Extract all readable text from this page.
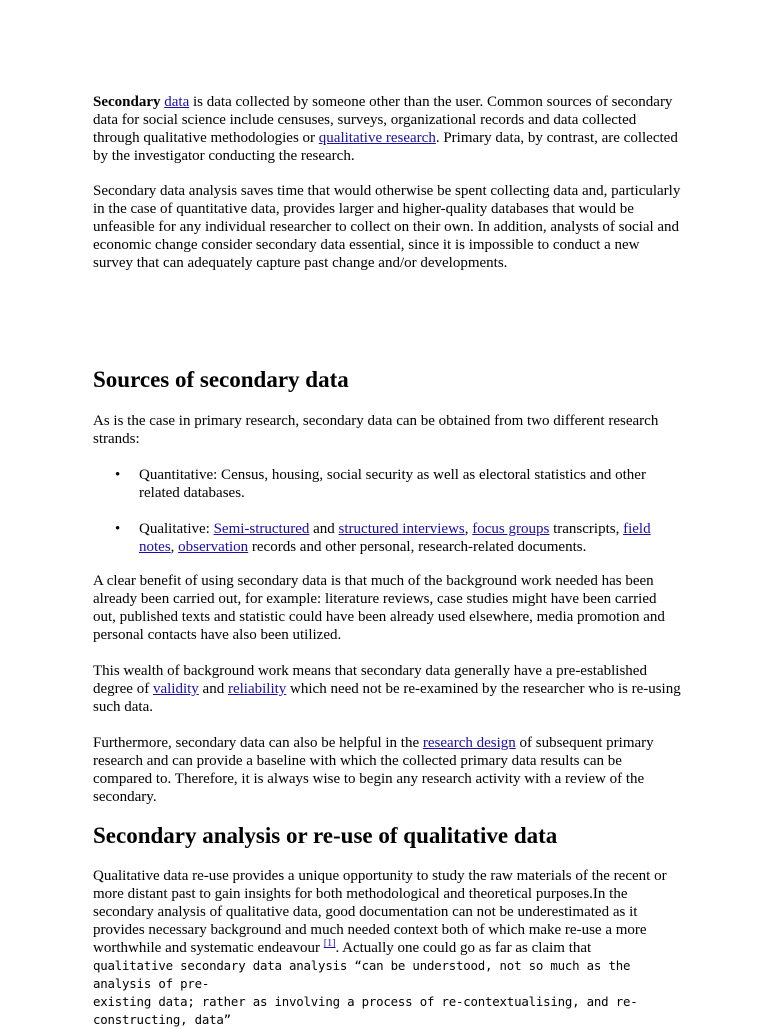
Secondary data is data collected by someone other than the user. Common sources of secondary data for social science include censuses, surveys, organizational records and data collected through qualitative methodologies or qualitative research. Primary data, by contrast, are collected by the investigator conducting the research.

Secondary data analysis saves time that would otherwise be spent collecting data and, particularly in the case of quantitative data, provides larger and higher-quality databases that would be unfeasible for any individual researcher to collect on their own. In addition, analysts of social and economic change consider secondary data essential, since it is impossible to conduct a new survey that can adequately capture past change and/or developments.

Sources of secondary data

As is the case in primary research, secondary data can be obtained from two different research strands:

• Quantitative: Census, housing, social security as well as electoral statistics and other related databases.
• Qualitative: Semi-structured and structured interviews, focus groups transcripts, field notes, observation records and other personal, research-related documents.

A clear benefit of using secondary data is that much of the background work needed has been already been carried out, for example: literature reviews, case studies might have been carried out, published texts and statistic could have been already used elsewhere, media promotion and personal contacts have also been utilized.

This wealth of background work means that secondary data generally have a pre-established degree of validity and reliability which need not be re-examined by the researcher who is re-using such data.

Furthermore, secondary data can also be helpful in the research design of subsequent primary research and can provide a baseline with which the collected primary data results can be compared to. Therefore, it is always wise to begin any research activity with a review of the secondary.

Secondary analysis or re-use of qualitative data

Qualitative data re-use provides a unique opportunity to study the raw materials of the recent or more distant past to gain insights for both methodological and theoretical purposes.In the secondary analysis of qualitative data, good documentation can not be underestimated as it provides necessary background and much needed context both of which make re-use a more worthwhile and systematic endeavour [1]. Actually one could go as far as claim that
qualitative secondary data analysis “can be understood, not so much as the analysis of pre-
existing data; rather as involving a process of re-contextualising, and re-constructing, data”
